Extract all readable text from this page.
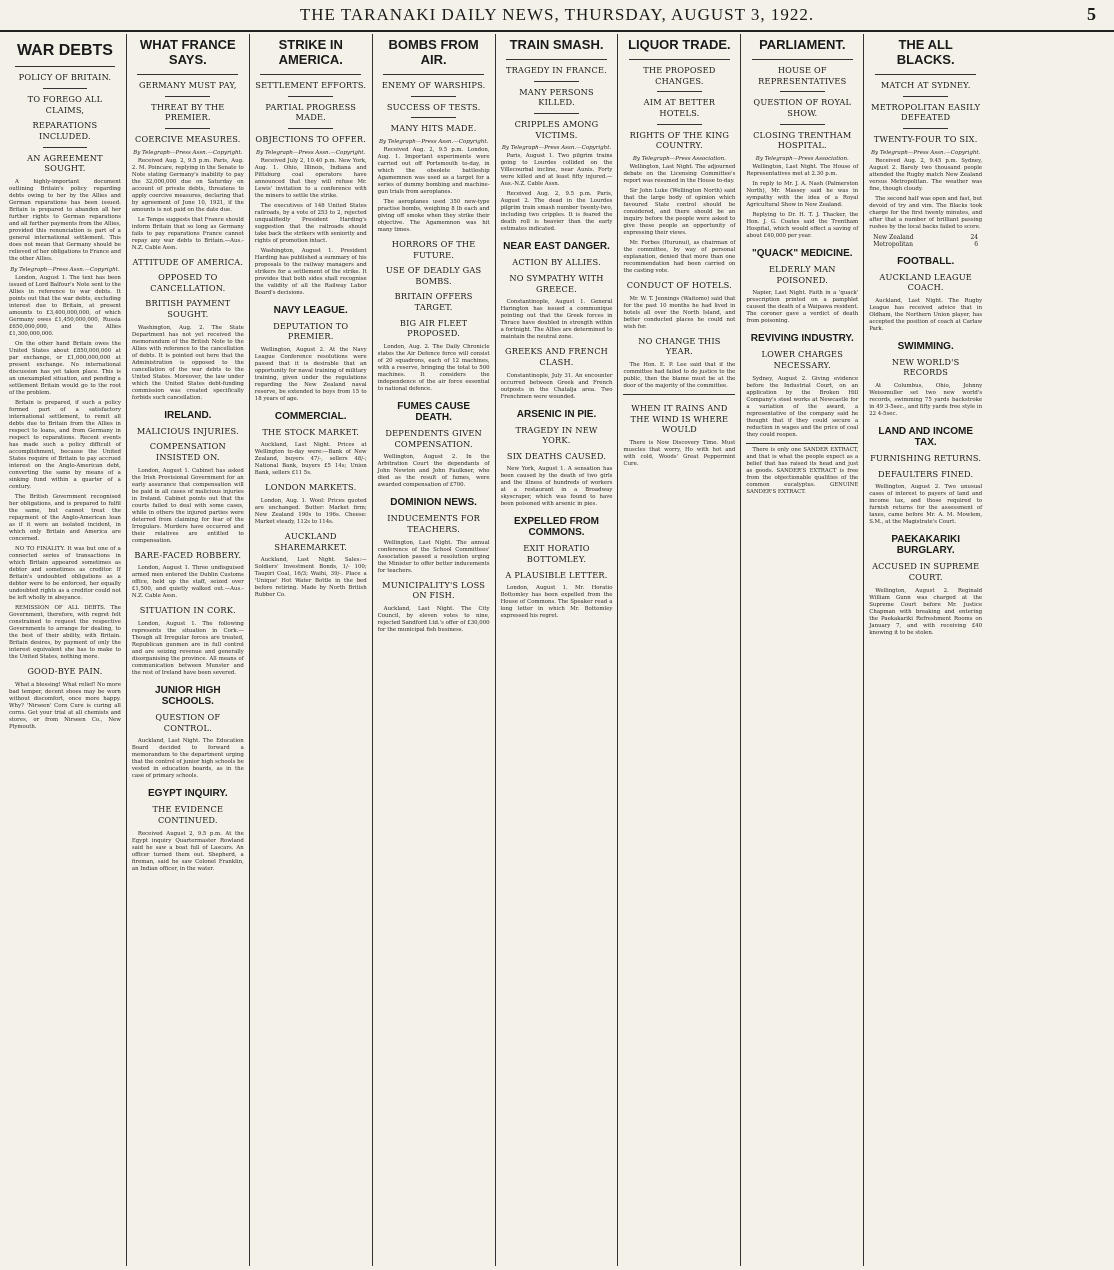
THE TARANAKI DAILY NEWS, THURSDAY, AUGUST 3, 1922.	5
WAR DEBTS
POLICY OF BRITAIN.
TO FOREGO ALL CLAIMS,
REPARATIONS INCLUDED.
AN AGREEMENT SOUGHT.

A highly-important document outlining Britain's policy regarding debts owing to her by the Allies and German reparations has been issued. Britain is prepared to abandon all her further rights to German reparations and all further payments from the Allies, provided this renunciation is part of a general international settlement. This does not mean that Germany should be relieved of her obligations to France and the other Allies.

By Telegraph—Press Assn.—Copyright.

London, August 1. The text has been issued of Lord Balfour's Note sent to the Allies in reference to war debts. It points out that the war debts, excluding interest due to Britain, at present amounts to £3,400,000,000, of which Germany owes £1,450,000,000, Russia £650,000,000, and the Allies £1,300,000,000.

On the other hand Britain owes the United States about £850,000,000 at par exchange, or £1,000,000,000 at present exchange. No international discussion has yet taken place. This is an unexampled situation, and pending a settlement Britain would go to the root of the problem.

Britain is prepared, if such a policy formed part of a satisfactory international settlement, to remit all debts due to Britain from the Allies in respect to loans, and from Germany in respect to reparations. Recent events has made such a policy difficult of accomplishment, because the United States require of Britain to pay accrued interest on the Anglo-American debt, converting the same by means of a sinking fund within a quarter of a century.

The British Government recognised her obligations, and is prepared to fulfil the same, but cannot treat the repayment of the Anglo-American loan as if it were an isolated incident, in which only Britain and America are concerned.

NO TO FINALITY. It was but one of a connected series of transactions in which Britain appeared sometimes as debtor and sometimes as creditor. If Britain's undoubted obligations as a debtor were to be enforced, her equally undoubted rights as a creditor could not be left wholly in abeyance.

REMISSION OF ALL DEBTS. The Government, therefore, with regret felt constrained to request the respective Governments to arrange for dealing, to the best of their ability, with Britain. Britain desires, by payment of only the interest equivalent she has to make to the United States, nothing more.

GOOD-BYE PAIN.

What a blessing! What relief! No more bad temper, decent shoes may be worn without discomfort, once more happy. Why? 'Nirseen' Corn Cure is curing all corns. Get your trial at all chemists and stores, or from Nirseen Co., New Plymouth.

WHAT FRANCE SAYS.
GERMANY MUST PAY,
THREAT BY THE PREMIER.
COERCIVE MEASURES.
By Telegraph—Press Assn.—Copyright.

Received Aug. 2, 9.5 p.m. Paris, Aug. 2. M. Poincare, replying in the Senate to Note stating Germany's inability to pay the 32,000,000 due on Saturday on account of private debts, threatens to apply coercive measures, declaring that by agreement of June 10, 1921, if the amounts is not paid on the date due.

Le Temps suggests that France should inform Britain that so long as Germany fails to pay reparations France cannot repay any war debts to Britain.—Aus.-N.Z. Cable Assn.

ATTITUDE OF AMERICA.
OPPOSED TO CANCELLATION.
BRITISH PAYMENT SOUGHT.

Washington, Aug. 2. The State Department has not yet received the memorandum of the British Note to the Allies with reference to the cancellation of debts. It is pointed out here that the Administration is opposed to the cancellation of the war debts to the United States. Moreover, the law under which the United States debt-funding commission was created specifically forbids such cancellation.

IRELAND.
MALICIOUS INJURIES.
COMPENSATION INSISTED ON.

London, August 1. Cabinet has asked the Irish Provisional Government for an early assurance that compensation will be paid in all cases of malicious injuries in Ireland. Cabinet points out that the courts failed to deal with some cases, while in others the injured parties were deterred from claiming for fear of the Irregulars. Murders have occurred and their relatives are entitled to compensation.

BARE-FACED ROBBERY.

London, August 1. Three undisguised armed men entered the Dublin Customs office, held up the staff, seized over £1,500, and quietly walked out.—Aus.-N.Z. Cable Assn.

SITUATION IN CORK.

London, August 1. The following represents the situation in Cork.—Though all Irregular forces are treated, Republican gunmen are in full control and are seizing revenue and generally disorganising the province. All means of communication between Munster and the rest of Ireland have been severed.

JUNIOR HIGH SCHOOLS.
QUESTION OF CONTROL.

Auckland, Last Night. The Education Board decided to forward a memorandum to the department urging that the control of junior high schools be vested in education boards, as in the case of primary schools.

EGYPT INQUIRY.
THE EVIDENCE CONTINUED.

Received August 2, 9.5 p.m. At the Egypt inquiry Quartermaster Rowland said he saw a boat full of Lascars. An officer turned them out. Shepherd, a fireman, said he saw Colonel Franklin, an Indian officer, in the water.

STRIKE IN AMERICA.
SETTLEMENT EFFORTS.
PARTIAL PROGRESS MADE.
OBJECTIONS TO OFFER.
By Telegraph—Press Assn.—Copyright.

Received July 2, 10.40 p.m. New York, Aug. 1. Ohio, Illinois, Indiana and Pittsburg coal operators have announced that they will refuse Mr. Lewis' invitation to a conference with the miners to settle the strike.

The executives of 148 United States railroads, by a vote of 253 to 2, rejected unqualifiedly President Harding's suggestion that the railroads should take back the strikers with seniority and rights of promotion intact.

Washington, August 1. President Harding has published a summary of his proposals to the railway managers and strikers for a settlement of the strike. It provides that both sides shall recognise the validity of all the Railway Labor Board's decisions.

NAVY LEAGUE.
DEPUTATION TO PREMIER.

Wellington, August 2. At the Navy League Conference resolutions were passed that it is desirable that an opportunity for naval training of military training, given under the regulations regarding the New Zealand naval reserve, be extended to boys from 15 to 18 years of age.

COMMERCIAL.
THE STOCK MARKET.

Auckland, Last Night. Prices at Wellington to-day were:—Bank of New Zealand, buyers 47/-, sellers 48/-; National Bank, buyers £5 14s; Union Bank, sellers £11 5s.

LONDON MARKETS.

London, Aug. 1. Wool: Prices quoted are unchanged. Butter: Market firm; New Zealand 190s to 196s. Cheese: Market steady, 112s to 114s.

AUCKLAND SHAREMARKET.

Auckland, Last Night. Sales:—Soldiers' Investment Bonds, 1/- 100; Taupiri Coal, 16/3; Waihi, 39/-. Place a 'Unique' Hot Water Bottle in the bed before retiring. Made by North British Rubber Co.

BOMBS FROM AIR.
ENEMY OF WARSHIPS.
SUCCESS OF TESTS.
MANY HITS MADE.
By Telegraph—Press Assn.—Copyright.

Received Aug. 2, 9.5 p.m. London, Aug. 1. Important experiments were carried out off Portsmouth to-day, in which the obsolete battleship Agamemnon was used as a target for a series of dummy bombing and machine-gun trials from aeroplanes.

The aeroplanes used 350 new-type practise bombs, weighing 8 lb each and giving off smoke when they strike their objective. The Agamemnon was hit many times.

HORRORS OF THE FUTURE.
USE OF DEADLY GAS BOMBS.
BRITAIN OFFERS TARGET.
BIG AIR FLEET PROPOSED.

London, Aug. 2. The Daily Chronicle states the Air Defence force will consist of 20 squadrons, each of 12 machines, with a reserve, bringing the total to 500 machines. It considers the independence of the air force essential to national defence.

FUMES CAUSE DEATH.
DEPENDENTS GIVEN COMPENSATION.

Wellington, August 2. In the Arbitration Court the dependants of John Newton and John Faulkner, who died as the result of fumes, were awarded compensation of £700.

DOMINION NEWS.
INDUCEMENTS FOR TEACHERS.

Wellington, Last Night. The annual conference of the School Committees' Association passed a resolution urging the Minister to offer better inducements for teachers.

MUNICIPALITY'S LOSS ON FISH.

Auckland, Last Night. The City Council, by eleven votes to nine, rejected Sandford Ltd.'s offer of £30,000 for the municipal fish business.

TRAIN SMASH.
TRAGEDY IN FRANCE.
MANY PERSONS KILLED.
CRIPPLES AMONG VICTIMS.
By Telegraph—Press Assn.—Copyright.

Paris, August 1. Two pilgrim trains going to Lourdes collided on the Villecourbal incline, near Aunis. Forty were killed and at least fifty injured.—Aus.-N.Z. Cable Assn.

Received Aug. 2, 9.5 p.m. Paris, August 2. The dead in the Lourdes pilgrim train smash number twenty-two, including two cripples. It is feared the death roll is heavier than the early estimates indicated.

NEAR EAST DANGER.
ACTION BY ALLIES.
NO SYMPATHY WITH GREECE.

Constantinople, August 1. General Harington has issued a communique pointing out that the Greek forces in Thrace have doubled in strength within a fortnight. The Allies are determined to maintain the neutral zone.

GREEKS AND FRENCH CLASH.

Constantinople, July 31. An encounter occurred between Greek and French outposts in the Chatalja area. Two Frenchmen were wounded.

ARSENIC IN PIE.
TRAGEDY IN NEW YORK.
SIX DEATHS CAUSED.

New York, August 1. A sensation has been caused by the death of two girls and the illness of hundreds of workers at a restaurant in a Broadway skyscraper, which was found to have been poisoned with arsenic in pies.

EXPELLED FROM COMMONS.
EXIT HORATIO BOTTOMLEY.
A PLAUSIBLE LETTER.

London, August 1. Mr. Horatio Bottomley has been expelled from the House of Commons. The Speaker read a long letter in which Mr. Bottomley expressed his regret.

LIQUOR TRADE.
THE PROPOSED CHANGES.
AIM AT BETTER HOTELS.
RIGHTS OF THE KING COUNTRY.
By Telegraph—Press Association.

Wellington, Last Night. The adjourned debate on the Licensing Committee's report was resumed in the House to-day.

Sir John Luke (Wellington North) said that the large body of opinion which favoured State control should be considered, and there should be an inquiry before the people were asked to give these people an opportunity of expressing their views.

Mr. Forbes (Hurunui), as chairman of the committee, by way of personal explanation, denied that more than one recommendation had been carried on the casting vote.

CONDUCT OF HOTELS.

Mr. W. T. Jennings (Waitomo) said that for the past 10 months he had lived in hotels all over the North Island, and better conducted places he could not wish for.

NO CHANGE THIS YEAR.

The Hon. E. P. Lee said that if the committee had failed to do justice to the public, then the blame must be at the door of the majority of the committee.

WHEN IT RAINS AND THE WIND IS WHERE WOULD

There is Now Discovery Time. Must muscles that worry, Ho with hot and with cold, Woods' Great Peppermint Cure.

PARLIAMENT.
HOUSE OF REPRESENTATIVES
QUESTION OF ROYAL SHOW.
CLOSING TRENTHAM HOSPITAL.
By Telegraph—Press Association.

Wellington, Last Night. The House of Representatives met at 2.30 p.m.

In reply to Mr. J. A. Nash (Palmerston North), Mr. Massey said he was in sympathy with the idea of a Royal Agricultural Show in New Zealand.

Replying to Dr. H. T. J. Thacker, the Hon. J. G. Coates said the Trentham Hospital, which would effect a saving of about £40,000 per year.

"QUACK" MEDICINE.
ELDERLY MAN POISONED.

Napier, Last Night. Faith in a 'quack' prescription printed on a pamphlet caused the death of a Waipawa resident. The coroner gave a verdict of death from poisoning.

REVIVING INDUSTRY.
LOWER CHARGES NECESSARY.

Sydney, August 2. Giving evidence before the Industrial Court, on an application by the Broken Hill Company's steel works at Newcastle for a variation of the award, a representative of the company said he thought that if they could secure a reduction in wages and the price of coal they could reopen.

There is only one SANDER EXTRACT, and that is what the people expect as a belief that has raised its head and just as goods. SANDER'S EXTRACT is free from the objectionable qualities of the common eucalyptus. GENUINE SANDER'S EXTRACT.

THE ALL BLACKS.
MATCH AT SYDNEY.
METROPOLITAN EASILY DEFEATED
TWENTY-FOUR TO SIX.
By Telegraph—Press Assn.—Copyright.

Received Aug. 2, 9.45 p.m. Sydney, August 2. Barely two thousand people attended the Rugby match New Zealand versus Metropolitan. The weather was fine, though cloudy.

The second half was open and fast, but devoid of try and vim. The Blacks took charge for the first twenty minutes, and after that a number of brilliant passing rushes by the local backs failed to score.

New Zealand	24
Metropolitan	6
FOOTBALL.
AUCKLAND LEAGUE COACH.

Auckland, Last Night. The Rugby League has received advice that in Oldham, the Northern Union player, has accepted the position of coach at Carlaw Park.

SWIMMING.
NEW WORLD'S RECORDS

At Columbus, Ohio, Johnny Weissmuller set two new world's records, swimming 75 yards backstroke in 49 3-5sec., and fifty yards free style in 22 4-5sec.

LAND AND INCOME TAX.
FURNISHING RETURNS.
DEFAULTERS FINED.

Wellington, August 2. Two unusual cases of interest to payers of land and income tax, and those required to furnish returns for the assessment of taxes, came before Mr. A. M. Mowlem, S.M., at the Magistrate's Court.

PAEKAKARIKI BURGLARY.
ACCUSED IN SUPREME COURT.

Wellington, August 2. Reginald William Gunn was charged at the Supreme Court before Mr. Justice Chapman with breaking and entering the Paekakariki Refreshment Rooms on January 7, and with receiving £40 knowing it to be stolen.
